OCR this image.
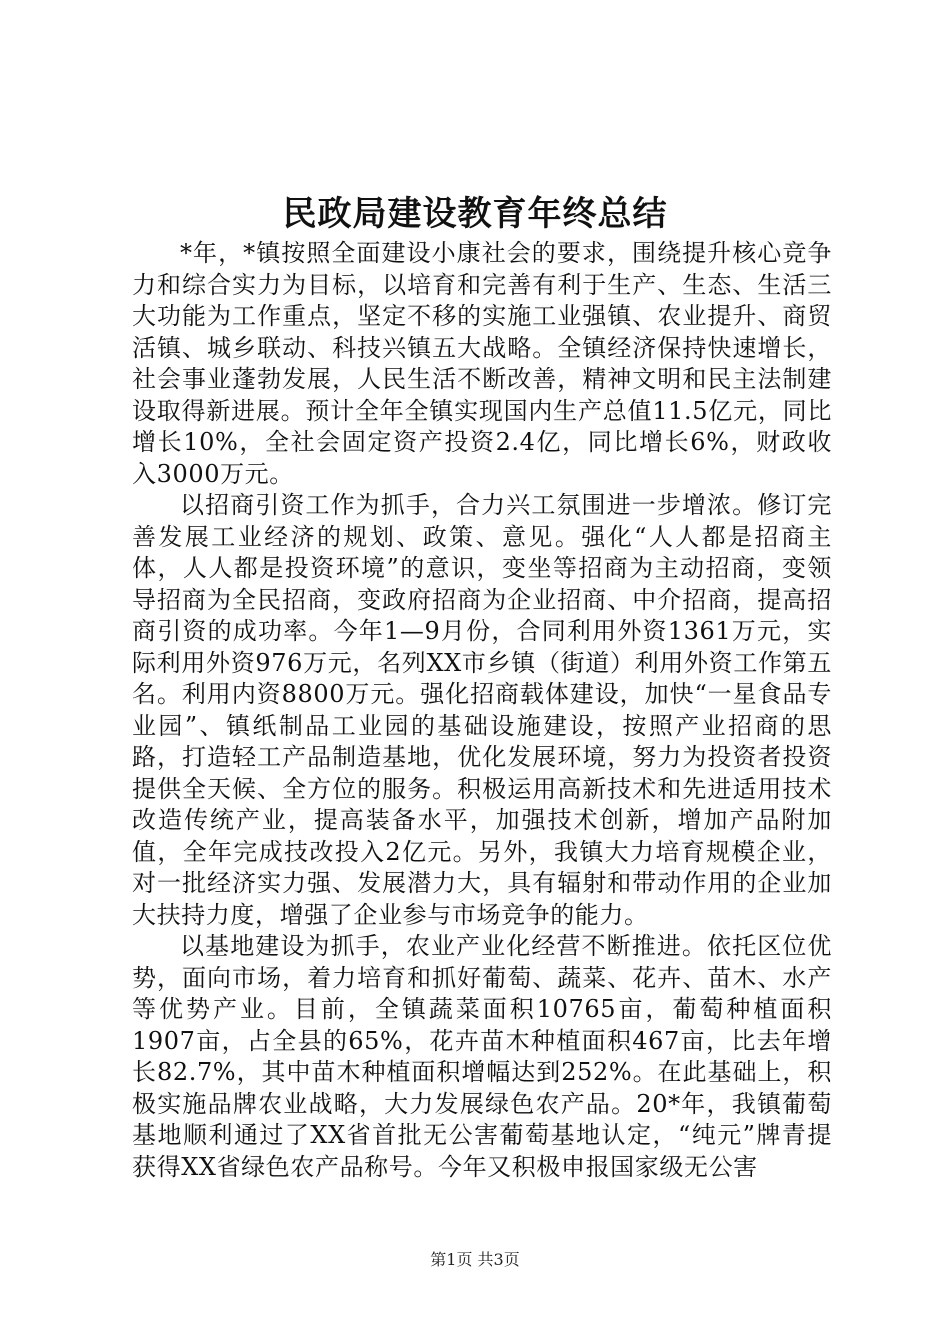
民政局建设教育年终总结

*年，*镇按照全面建设小康社会的要求，围绕提升核心竞争力和综合实力为目标，以培育和完善有利于生产、生态、生活三大功能为工作重点，坚定不移的实施工业强镇、农业提升、商贸活镇、城乡联动、科技兴镇五大战略。全镇经济保持快速增长，社会事业蓬勃发展，人民生活不断改善，精神文明和民主法制建设取得新进展。预计全年全镇实现国内生产总值11.5亿元，同比增长10%，全社会固定资产投资2.4亿，同比增长6%，财政收入3000万元。

以招商引资工作为抓手，合力兴工氛围进一步增浓。修订完善发展工业经济的规划、政策、意见。强化“人人都是招商主体，人人都是投资环境”的意识，变坐等招商为主动招商，变领导招商为全民招商，变政府招商为企业招商、中介招商，提高招商引资的成功率。今年1—9月份，合同利用外资1361万元，实际利用外资976万元，名列XX市乡镇（街道）利用外资工作第五名。利用内资8800万元。强化招商载体建设，加快“一星食品专业园”、镇纸制品工业园的基础设施建设，按照产业招商的思路，打造轻工产品制造基地，优化发展环境，努力为投资者投资提供全天候、全方位的服务。积极运用高新技术和先进适用技术改造传统产业，提高装备水平，加强技术创新，增加产品附加值，全年完成技改投入2亿元。另外，我镇大力培育规模企业，对一批经济实力强、发展潜力大，具有辐射和带动作用的企业加大扶持力度，增强了企业参与市场竞争的能力。

以基地建设为抓手，农业产业化经营不断推进。依托区位优势，面向市场，着力培育和抓好葡萄、蔬菜、花卉、苗木、水产等优势产业。目前，全镇蔬菜面积10765亩，葡萄种植面积1907亩，占全县的65%，花卉苗木种植面积467亩，比去年增长82.7%，其中苗木种植面积增幅达到252%。在此基础上，积极实施品牌农业战略，大力发展绿色农产品。20*年，我镇葡萄基地顺利通过了XX省首批无公害葡萄基地认定，“纯元”牌青提获得XX省绿色农产品称号。今年又积极申报国家级无公害

第1页 共3页
